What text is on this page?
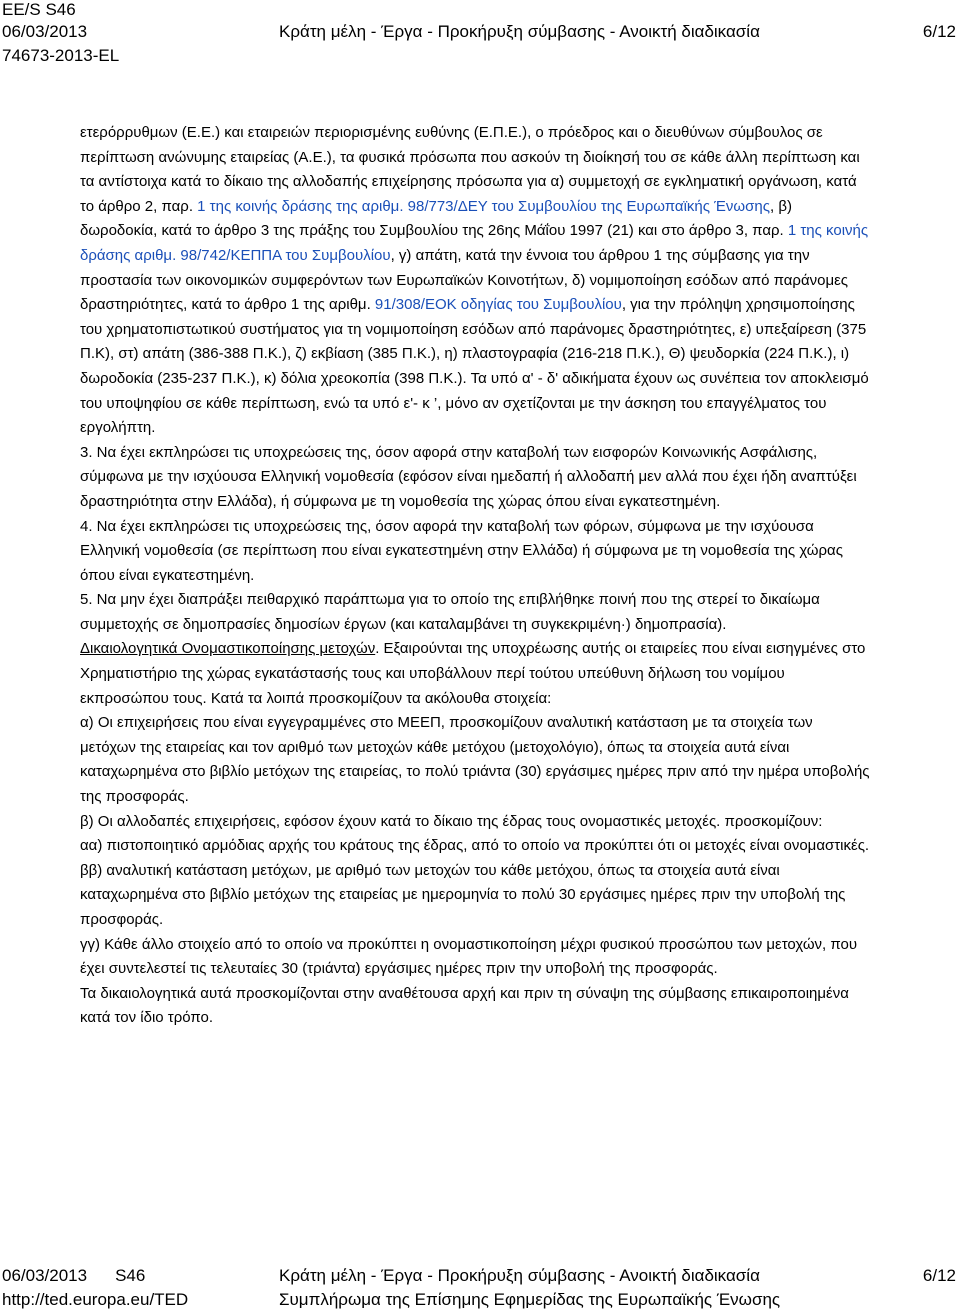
EE/S S46
06/03/2013
74673-2013-EL
Κράτη μέλη - Έργα - Προκήρυξη σύμβασης - Ανοικτή διαδικασία	6/12

ετερόρρυθμων (Ε.Ε.) και εταιρειών περιορισμένης ευθύνης (Ε.Π.Ε.), ο πρόεδρος και ο διευθύνων σύμβουλος σε περίπτωση ανώνυμης εταιρείας (Α.Ε.), τα φυσικά πρόσωπα που ασκούν τη διοίκησή του σε κάθε άλλη περίπτωση και τα αντίστοιχα κατά το δίκαιο της αλλοδαπής επιχείρησης πρόσωπα για α) συμμετοχή σε εγκληματική οργάνωση, κατά το άρθρο 2, παρ. 1 της κοινής δράσης της αριθμ. 98/773/ΔΕΥ του Συμβουλίου της Ευρωπαϊκής Ένωσης, β) δωροδοκία, κατά το άρθρο 3 της πράξης του Συμβουλίου της 26ης Μάΐου 1997 (21) και στο άρθρο 3, παρ. 1 της κοινής δράσης αριθμ. 98/742/ΚΕΠΠΑ του Συμβουλίου, γ) απάτη, κατά την έννοια του άρθρου 1 της σύμβασης για την προστασία των οικονομικών συμφερόντων των Ευρωπαϊκών Κοινοτήτων, δ) νομιμοποίηση εσόδων από παράνομες δραστηριότητες, κατά το άρθρο 1 της αριθμ. 91/308/ΕΟΚ οδηγίας του Συμβουλίου, για την πρόληψη χρησιμοποίησης του χρηματοπιστωτικού συστήματος για τη νομιμοποίηση εσόδων από παράνομες δραστηριότητες, ε) υπεξαίρεση (375 Π.Κ), στ) απάτη (386-388 Π.Κ.), ζ) εκβίαση (385 Π.Κ.), η) πλαστογραφία (216-218 Π.Κ.), Θ) ψευδορκία (224 Π.Κ.), ι) δωροδοκία (235-237 Π.Κ.), κ) δόλια χρεοκοπία (398 Π.Κ.). Τα υπό α' - δ' αδικήματα έχουν ως συνέπεια τον αποκλεισμό του υποψηφίου σε κάθε περίπτωση, ενώ τα υπό ε'- κ ’, μόνο αν σχετίζονται με την άσκηση του επαγγέλματος του εργολήπτη.

3. Να έχει εκπληρώσει τις υποχρεώσεις της, όσον αφορά στην καταβολή των εισφορών Κοινωνικής Ασφάλισης, σύμφωνα με την ισχύουσα Ελληνική νομοθεσία (εφόσον είναι ημεδαπή ή αλλοδαπή μεν αλλά που έχει ήδη αναπτύξει δραστηριότητα στην Ελλάδα), ή σύμφωνα με τη νομοθεσία της χώρας όπου είναι εγκατεστημένη.

4. Να έχει εκπληρώσει τις υποχρεώσεις της, όσον αφορά την καταβολή των φόρων, σύμφωνα με την ισχύουσα Ελληνική νομοθεσία (σε περίπτωση που είναι εγκατεστημένη στην Ελλάδα) ή σύμφωνα με τη νομοθεσία της χώρας όπου είναι εγκατεστημένη.

5. Να μην έχει διαπράξει πειθαρχικό παράπτωμα για το οποίο της επιβλήθηκε ποινή που της στερεί το δικαίωμα συμμετοχής σε δημοπρασίες δημοσίων έργων (και καταλαμβάνει τη συγκεκριμένη·) δημοπρασία).

Δικαιολογητικά Ονομαστικοποίησης μετοχών. Εξαιρούνται της υποχρέωσης αυτής οι εταιρείες που είναι εισηγμένες στο Χρηματιστήριο της χώρας εγκατάστασής τους και υποβάλλουν περί τούτου υπεύθυνη δήλωση του νομίμου εκπροσώπου τους. Κατά τα λοιπά προσκομίζουν τα ακόλουθα στοιχεία:

α) Οι επιχειρήσεις που είναι εγγεγραμμένες στο ΜΕΕΠ, προσκομίζουν αναλυτική κατάσταση με τα στοιχεία των μετόχων της εταιρείας και τον αριθμό των μετοχών κάθε μετόχου (μετοχολόγιο), όπως τα στοιχεία αυτά είναι καταχωρημένα στο βιβλίο μετόχων της εταιρείας, το πολύ τριάντα (30) εργάσιμες ημέρες πριν από την ημέρα υποβολής της προσφοράς.

β) Οι αλλοδαπές επιχειρήσεις, εφόσον έχουν κατά το δίκαιο της έδρας τους ονομαστικές μετοχές. προσκομίζουν:

αα) πιστοποιητικό αρμόδιας αρχής του κράτους της έδρας, από το οποίο να προκύπτει ότι οι μετοχές είναι ονομαστικές.

ββ) αναλυτική κατάσταση μετόχων, με αριθμό των μετοχών του κάθε μετόχου, όπως τα στοιχεία αυτά είναι καταχωρημένα στο βιβλίο μετόχων της εταιρείας με ημερομηνία το πολύ 30 εργάσιμες ημέρες πριν την υποβολή της προσφοράς.

γγ) Κάθε άλλο στοιχείο από το οποίο να προκύπτει η ονομαστικοποίηση μέχρι φυσικού προσώπου των μετοχών, που έχει συντελεστεί τις τελευταίες 30 (τριάντα) εργάσιμες ημέρες πριν την υποβολή της προσφοράς.

Τα δικαιολογητικά αυτά προσκομίζονται στην αναθέτουσα αρχή και πριν τη σύναψη της σύμβασης επικαιροποιημένα κατά τον ίδιο τρόπο.

06/03/2013 S46
http://ted.europa.eu/TED
Κράτη μέλη - Έργα - Προκήρυξη σύμβασης - Ανοικτή διαδικασία
Συμπλήρωμα της Επίσημης Εφημερίδας της Ευρωπαϊκής Ένωσης
6/12
